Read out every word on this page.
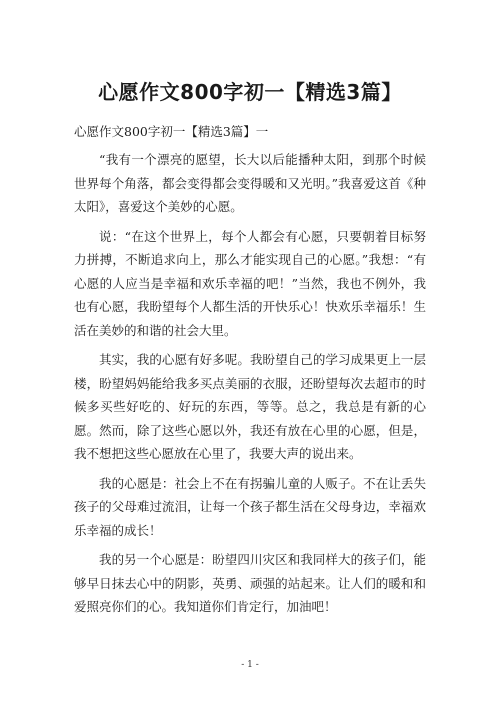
心愿作文800字初一【精选3篇】

心愿作文800字初一【精选3篇】一

“我有一个漂亮的愿望，长大以后能播种太阳，到那个时候世界每个角落，都会变得都会变得暖和又光明。”我喜爱这首《种太阳》，喜爱这个美妙的心愿。

说：“在这个世界上，每个人都会有心愿，只要朝着目标努力拼搏，不断追求向上，那么才能实现自己的心愿。”我想：“有心愿的人应当是幸福和欢乐幸福的吧！”当然，我也不例外，我也有心愿，我盼望每个人都生活的开快乐心！快欢乐幸福乐！生活在美妙的和谐的社会大里。

其实，我的心愿有好多呢。我盼望自己的学习成果更上一层楼，盼望妈妈能给我多买点美丽的衣服，还盼望每次去超市的时候多买些好吃的、好玩的东西，等等。总之，我总是有新的心愿。然而，除了这些心愿以外，我还有放在心里的心愿，但是，我不想把这些心愿放在心里了，我要大声的说出来。

我的心愿是：社会上不在有拐骗儿童的人贩子。不在让丢失孩子的父母难过流泪，让每一个孩子都生活在父母身边，幸福欢乐幸福的成长！

我的另一个心愿是：盼望四川灾区和我同样大的孩子们，能够早日抹去心中的阴影，英勇、顽强的站起来。让人们的暖和和爱照亮你们的心。我知道你们肯定行，加油吧！

- 1 -
